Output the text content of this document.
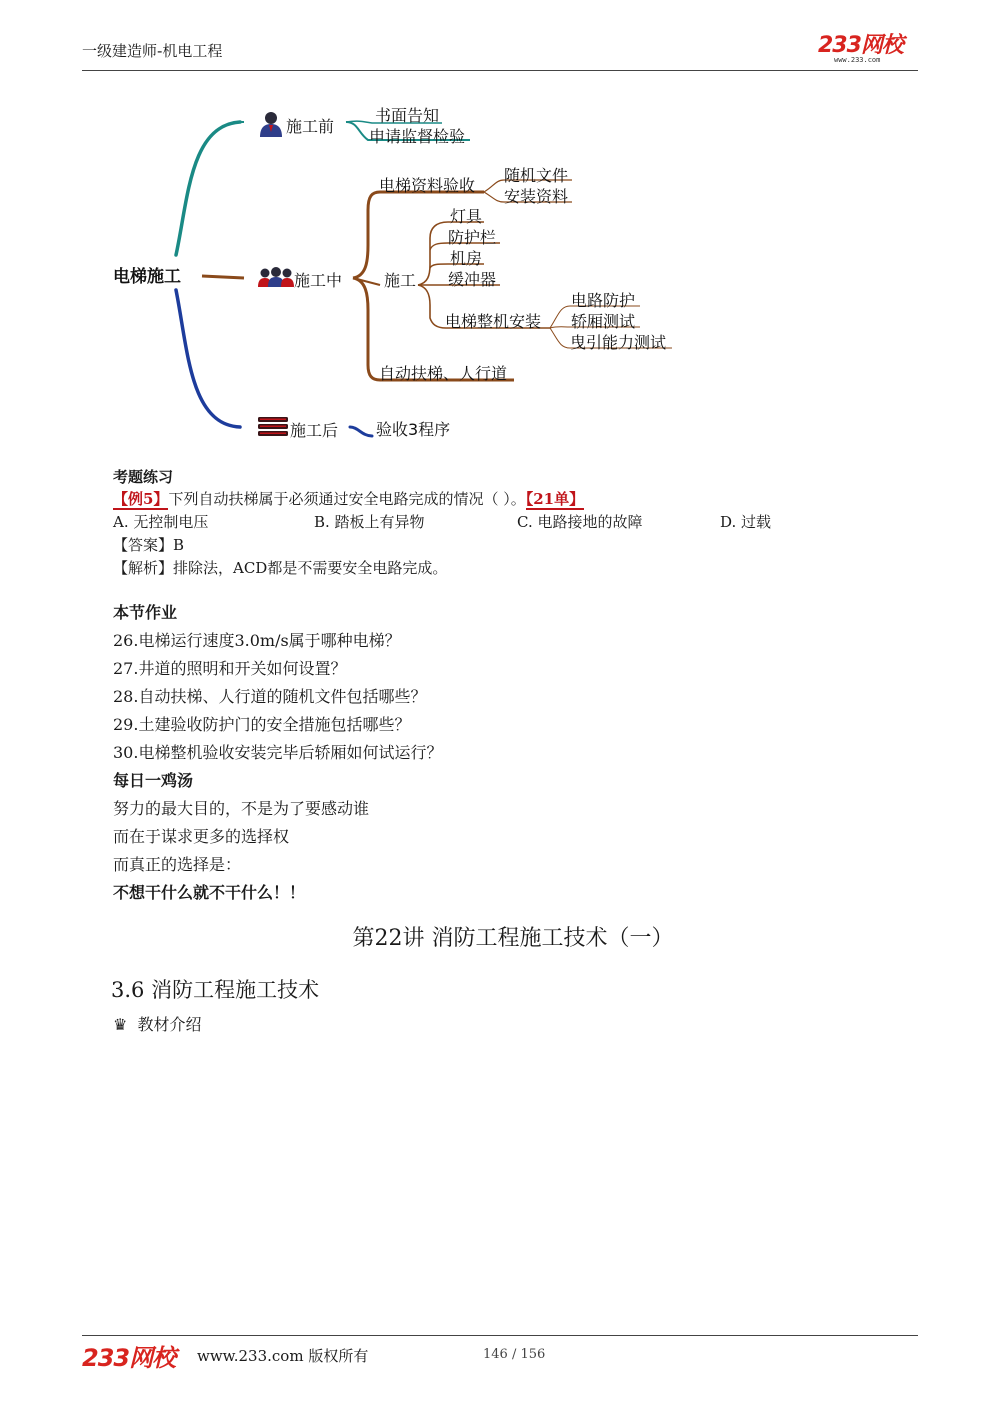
一级建造师-机电工程	233网校
www.233.com
电梯施工
施工前
书面告知
申请监督检验
施工中
电梯资料验收
随机文件
安装资料
施工
灯具
防护栏
机房
缓冲器
电梯整机安装
电路防护
轿厢测试
曳引能力测试
自动扶梯、人行道
施工后 验收3程序
考题练习
【例5】下列自动扶梯属于必须通过安全电路完成的情况（ ）。【21单】
A. 无控制电压	B. 踏板上有异物	C. 电路接地的故障	D. 过载
【答案】B
【解析】排除法，ACD都是不需要安全电路完成。
本节作业
26.电梯运行速度3.0m/s属于哪种电梯？
27.井道的照明和开关如何设置？
28.自动扶梯、人行道的随机文件包括哪些？
29.土建验收防护门的安全措施包括哪些？
30.电梯整机验收安装完毕后轿厢如何试运行？
每日一鸡汤
努力的最大目的，不是为了要感动谁
而在于谋求更多的选择权
而真正的选择是：
不想干什么就不干什么！！
第22讲 消防工程施工技术（一）
3.6 消防工程施工技术
♛ 教材介绍
233网校 www.233.com 版权所有	146 / 156
